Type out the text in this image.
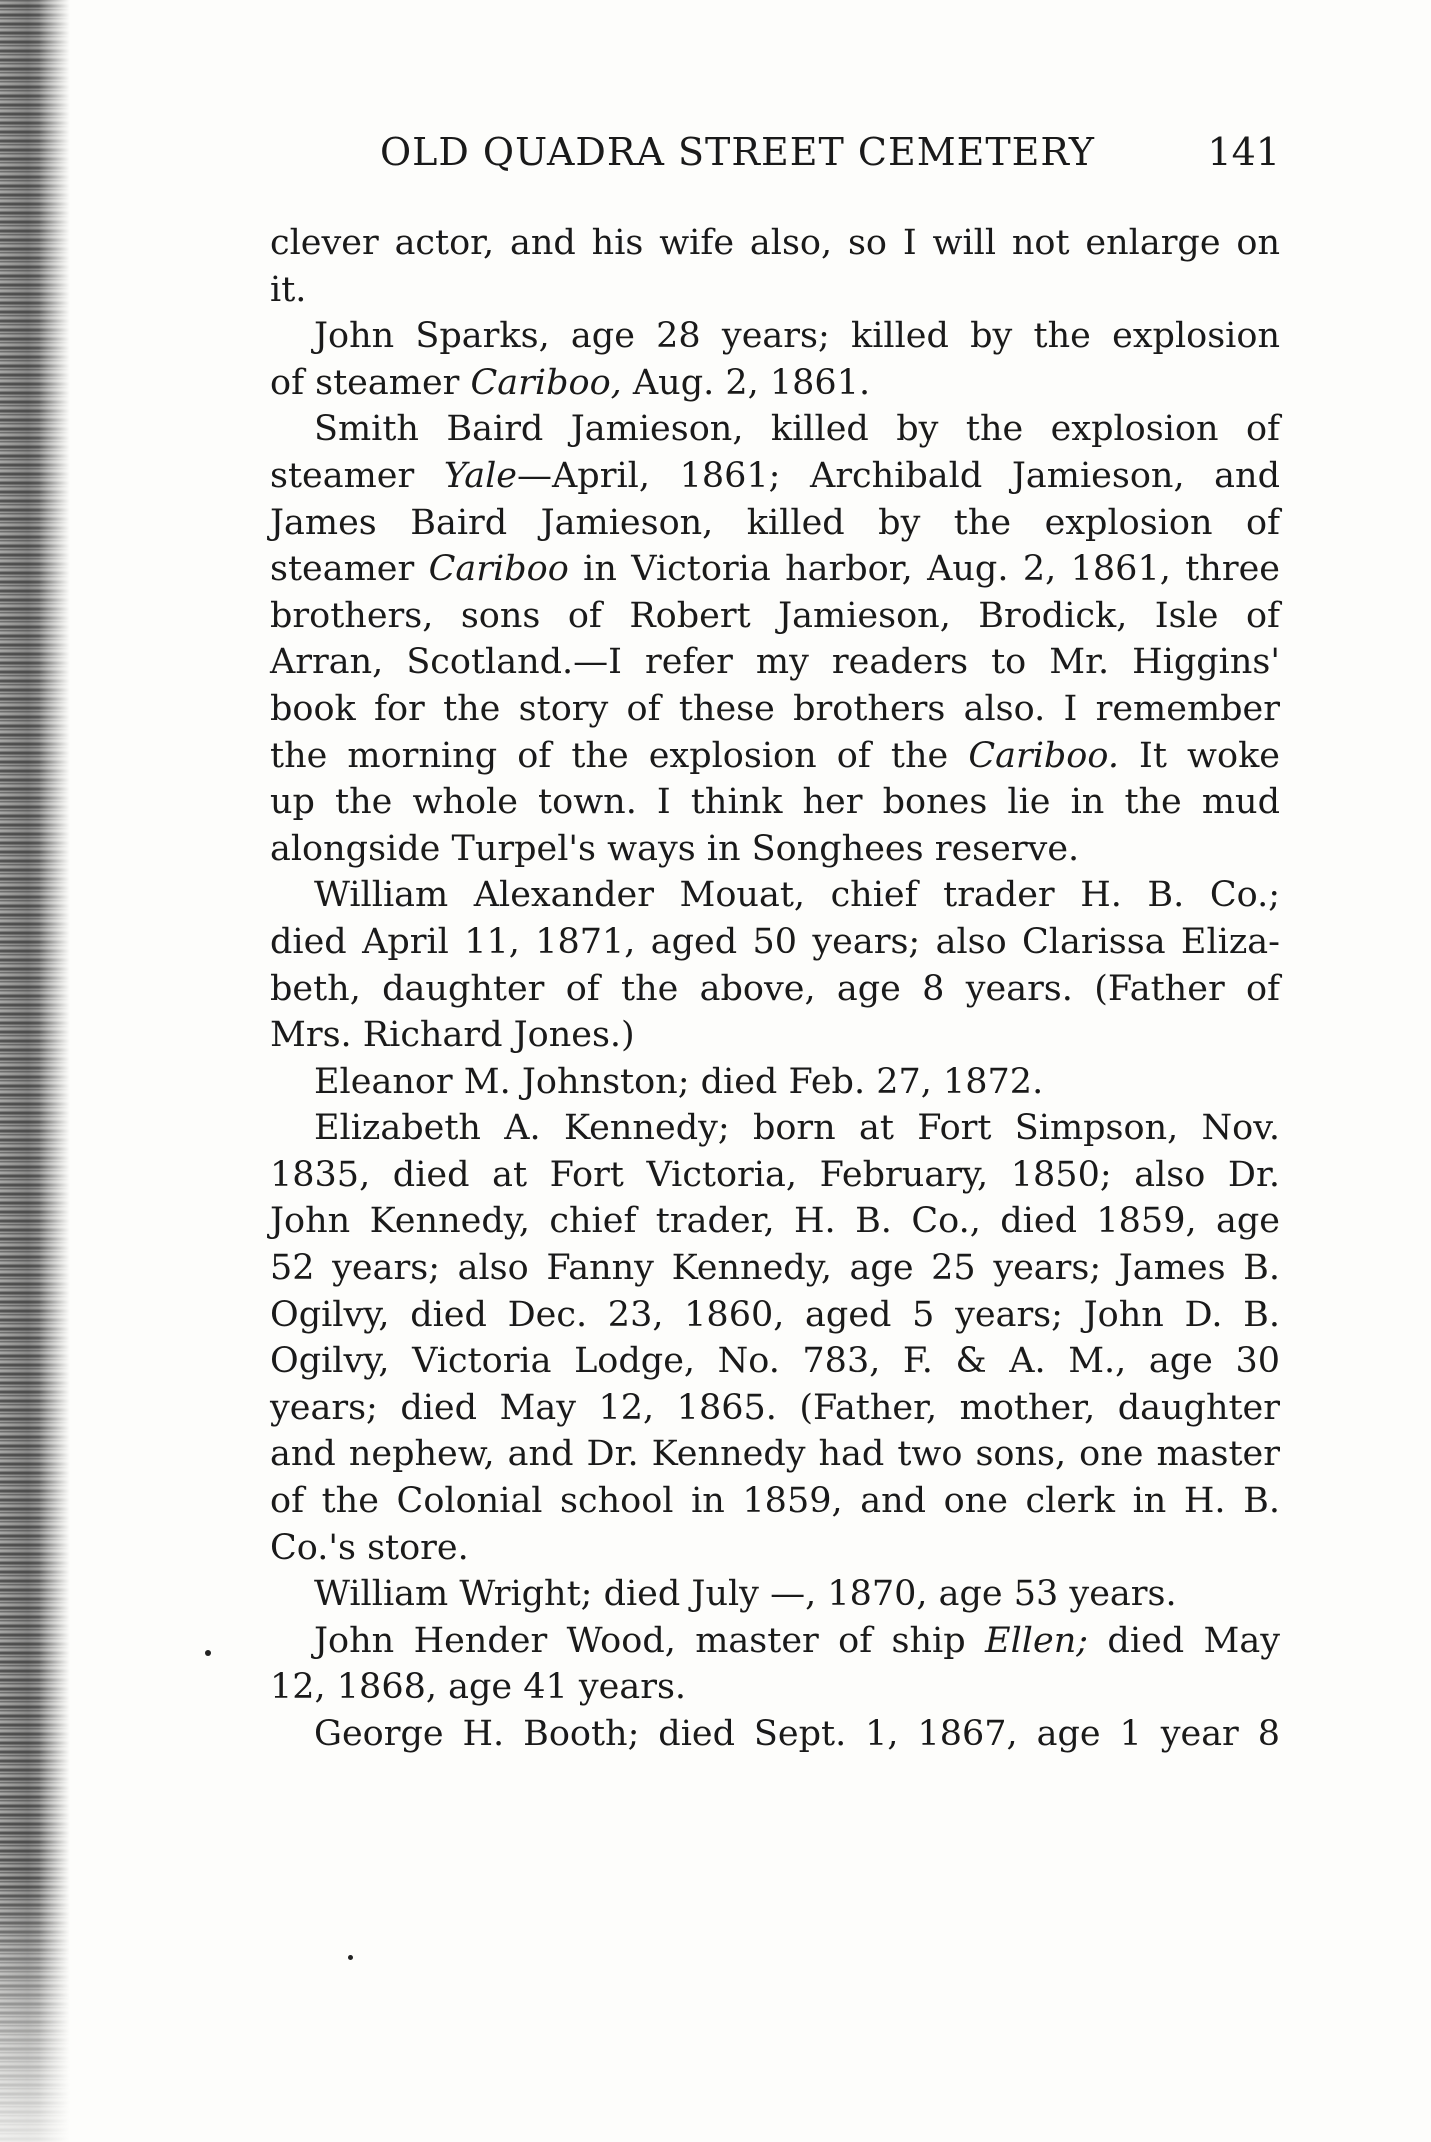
OLD QUADRA STREET CEMETERY	141
clever actor, and his wife also, so I will not enlarge on
it.
John Sparks, age 28 years; killed by the explosion
of steamer Cariboo, Aug. 2, 1861.
Smith Baird Jamieson, killed by the explosion of
steamer Yale—April, 1861; Archibald Jamieson, and
James Baird Jamieson, killed by the explosion of
steamer Cariboo in Victoria harbor, Aug. 2, 1861, three
brothers, sons of Robert Jamieson, Brodick, Isle of
Arran, Scotland.—I refer my readers to Mr. Higgins'
book for the story of these brothers also. I remember
the morning of the explosion of the Cariboo. It woke
up the whole town. I think her bones lie in the mud
alongside Turpel's ways in Songhees reserve.
William Alexander Mouat, chief trader H. B. Co.;
died April 11, 1871, aged 50 years; also Clarissa Eliza-
beth, daughter of the above, age 8 years. (Father of
Mrs. Richard Jones.)
Eleanor M. Johnston; died Feb. 27, 1872.
Elizabeth A. Kennedy; born at Fort Simpson, Nov.
1835, died at Fort Victoria, February, 1850; also Dr.
John Kennedy, chief trader, H. B. Co., died 1859, age
52 years; also Fanny Kennedy, age 25 years; James B.
Ogilvy, died Dec. 23, 1860, aged 5 years; John D. B.
Ogilvy, Victoria Lodge, No. 783, F. & A. M., age 30
years; died May 12, 1865. (Father, mother, daughter
and nephew, and Dr. Kennedy had two sons, one master
of the Colonial school in 1859, and one clerk in H. B.
Co.'s store.
William Wright; died July —, 1870, age 53 years.
John Hender Wood, master of ship Ellen; died May
12, 1868, age 41 years.
George H. Booth; died Sept. 1, 1867, age 1 year 8
